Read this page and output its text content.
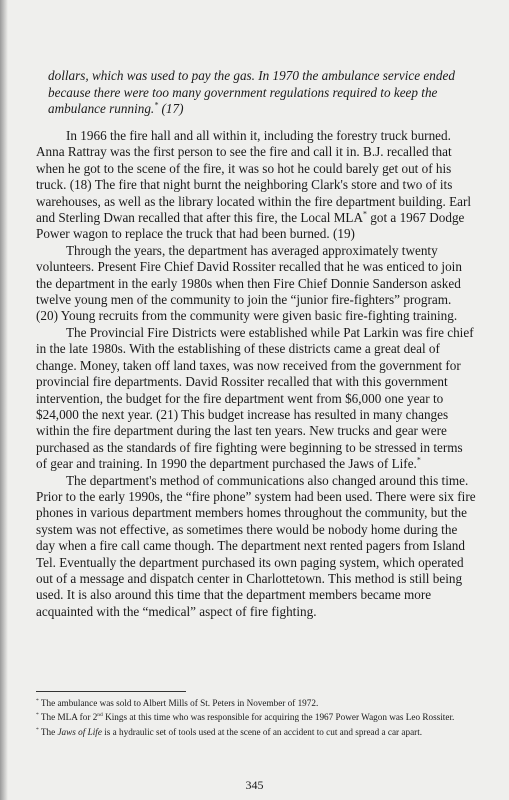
dollars, which was used to pay the gas. In 1970 the ambulance service ended because there were too many government regulations required to keep the ambulance running.* (17)

In 1966 the fire hall and all within it, including the forestry truck burned. Anna Rattray was the first person to see the fire and call it in. B.J. recalled that when he got to the scene of the fire, it was so hot he could barely get out of his truck. (18) The fire that night burnt the neighboring Clark's store and two of its warehouses, as well as the library located within the fire department building. Earl and Sterling Dwan recalled that after this fire, the Local MLA* got a 1967 Dodge Power wagon to replace the truck that had been burned. (19)

Through the years, the department has averaged approximately twenty volunteers. Present Fire Chief David Rossiter recalled that he was enticed to join the department in the early 1980s when then Fire Chief Donnie Sanderson asked twelve young men of the community to join the “junior fire-fighters” program. (20) Young recruits from the community were given basic fire-fighting training.

The Provincial Fire Districts were established while Pat Larkin was fire chief in the late 1980s. With the establishing of these districts came a great deal of change. Money, taken off land taxes, was now received from the government for provincial fire departments. David Rossiter recalled that with this government intervention, the budget for the fire department went from $6,000 one year to $24,000 the next year. (21) This budget increase has resulted in many changes within the fire department during the last ten years. New trucks and gear were purchased as the standards of fire fighting were beginning to be stressed in terms of gear and training. In 1990 the department purchased the Jaws of Life.*

The department's method of communications also changed around this time. Prior to the early 1990s, the “fire phone” system had been used. There were six fire phones in various department members homes throughout the community, but the system was not effective, as sometimes there would be nobody home during the day when a fire call came though. The department next rented pagers from Island Tel. Eventually the department purchased its own paging system, which operated out of a message and dispatch center in Charlottetown. This method is still being used. It is also around this time that the department members became more acquainted with the “medical” aspect of fire fighting.

* The ambulance was sold to Albert Mills of St. Peters in November of 1972.

* The MLA for 2nd Kings at this time who was responsible for acquiring the 1967 Power Wagon was Leo Rossiter.

* The Jaws of Life is a hydraulic set of tools used at the scene of an accident to cut and spread a car apart.

345
